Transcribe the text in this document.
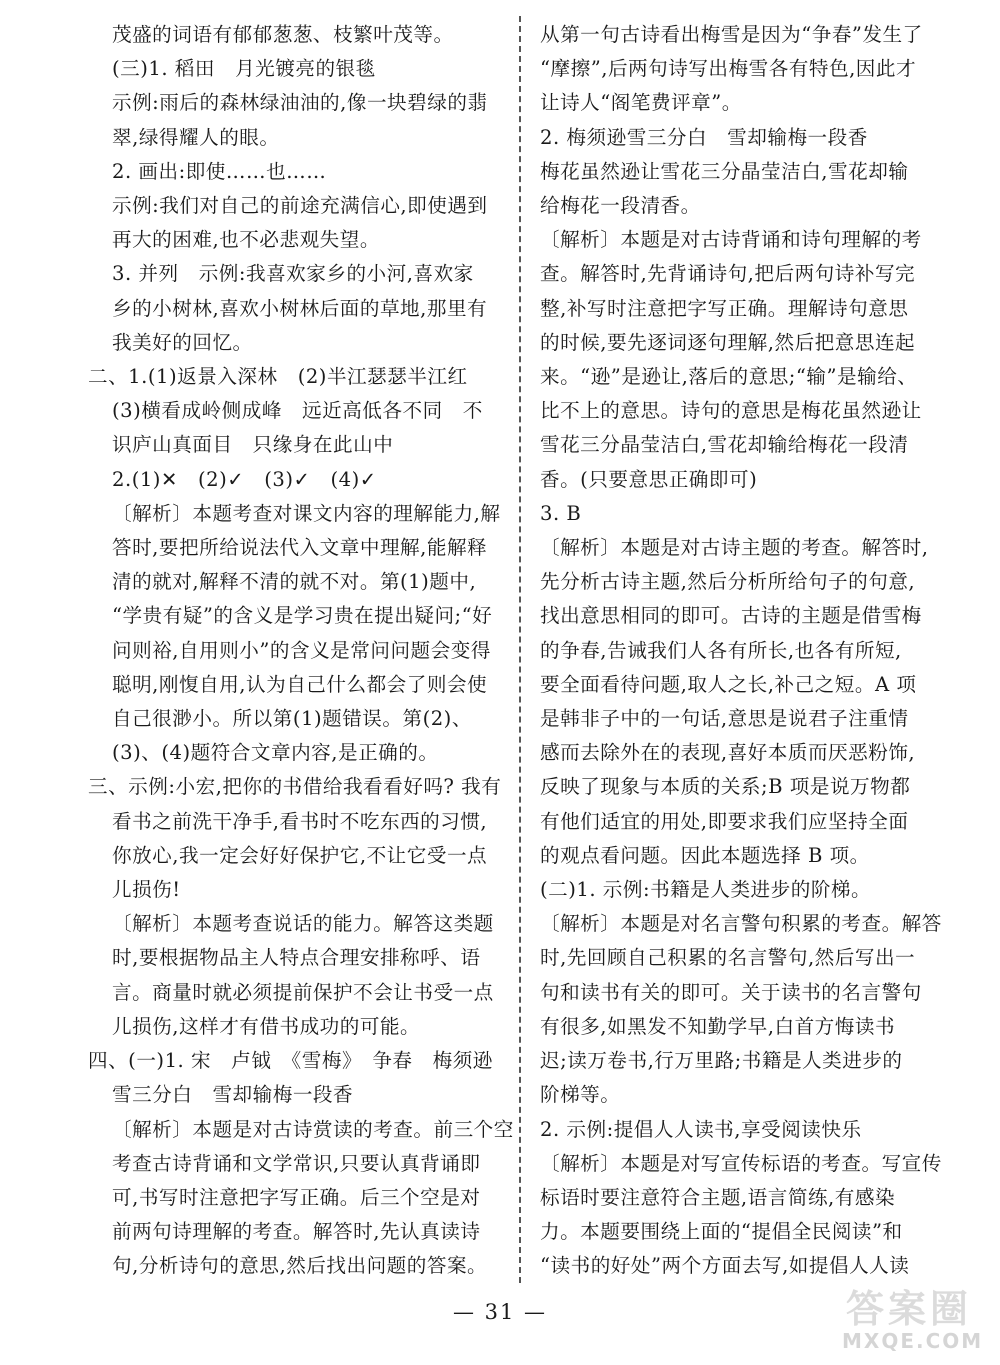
茂盛的词语有郁郁葱葱、枝繁叶茂等。
(三)1. 稻田　月光镀亮的银毯
示例:雨后的森林绿油油的,像一块碧绿的翡
翠,绿得耀人的眼。
2. 画出:即使……也……
示例:我们对自己的前途充满信心,即使遇到
再大的困难,也不必悲观失望。
3. 并列　示例:我喜欢家乡的小河,喜欢家
乡的小树林,喜欢小树林后面的草地,那里有
我美好的回忆。
二、1.(1)返景入深林　(2)半江瑟瑟半江红
(3)横看成岭侧成峰　远近高低各不同　不
识庐山真面目　只缘身在此山中
2.(1)✕　(2)✓　(3)✓　(4)✓
〔解析〕本题考查对课文内容的理解能力,解
答时,要把所给说法代入文章中理解,能解释
清的就对,解释不清的就不对。第(1)题中,
“学贵有疑”的含义是学习贵在提出疑问;“好
问则裕,自用则小”的含义是常问问题会变得
聪明,刚愎自用,认为自己什么都会了则会使
自己很渺小。所以第(1)题错误。第(2)、
(3)、(4)题符合文章内容,是正确的。
三、示例:小宏,把你的书借给我看看好吗? 我有
看书之前洗干净手,看书时不吃东西的习惯,
你放心,我一定会好好保护它,不让它受一点
儿损伤!
〔解析〕本题考查说话的能力。解答这类题
时,要根据物品主人特点合理安排称呼、语
言。商量时就必须提前保护不会让书受一点
儿损伤,这样才有借书成功的可能。
四、(一)1. 宋　卢钺　《雪梅》　争春　梅须逊
雪三分白　雪却输梅一段香
〔解析〕本题是对古诗赏读的考查。前三个空
考查古诗背诵和文学常识,只要认真背诵即
可,书写时注意把字写正确。后三个空是对
前两句诗理解的考查。解答时,先认真读诗
句,分析诗句的意思,然后找出问题的答案。
从第一句古诗看出梅雪是因为“争春”发生了
“摩擦”,后两句诗写出梅雪各有特色,因此才
让诗人“阁笔费评章”。
2. 梅须逊雪三分白　雪却输梅一段香
梅花虽然逊让雪花三分晶莹洁白,雪花却输
给梅花一段清香。
〔解析〕本题是对古诗背诵和诗句理解的考
查。解答时,先背诵诗句,把后两句诗补写完
整,补写时注意把字写正确。理解诗句意思
的时候,要先逐词逐句理解,然后把意思连起
来。“逊”是逊让,落后的意思;“输”是输给、
比不上的意思。诗句的意思是梅花虽然逊让
雪花三分晶莹洁白,雪花却输给梅花一段清
香。(只要意思正确即可)
3. B
〔解析〕本题是对古诗主题的考查。解答时,
先分析古诗主题,然后分析所给句子的句意,
找出意思相同的即可。古诗的主题是借雪梅
的争春,告诫我们人各有所长,也各有所短,
要全面看待问题,取人之长,补己之短。A 项
是韩非子中的一句话,意思是说君子注重情
感而去除外在的表现,喜好本质而厌恶粉饰,
反映了现象与本质的关系;B 项是说万物都
有他们适宜的用处,即要求我们应坚持全面
的观点看问题。因此本题选择 B 项。
(二)1. 示例:书籍是人类进步的阶梯。
〔解析〕本题是对名言警句积累的考查。解答
时,先回顾自己积累的名言警句,然后写出一
句和读书有关的即可。关于读书的名言警句
有很多,如黑发不知勤学早,白首方悔读书
迟;读万卷书,行万里路;书籍是人类进步的
阶梯等。
2. 示例:提倡人人读书,享受阅读快乐
〔解析〕本题是对写宣传标语的考查。写宣传
标语时要注意符合主题,语言简练,有感染
力。本题要围绕上面的“提倡全民阅读”和
“读书的好处”两个方面去写,如提倡人人读
— 31 —	答案圈
MXQE.COM
